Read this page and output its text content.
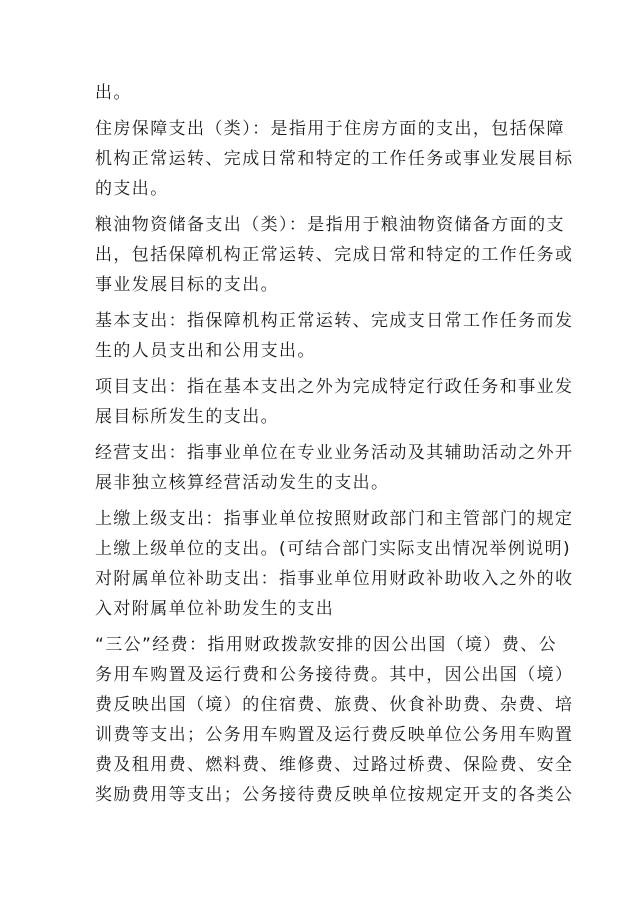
出。
住房保障支出（类）：是指用于住房方面的支出，包括保障
机构正常运转、完成日常和特定的工作任务或事业发展目标
的支出。
粮油物资储备支出（类）：是指用于粮油物资储备方面的支
出，包括保障机构正常运转、完成日常和特定的工作任务或
事业发展目标的支出。
基本支出：指保障机构正常运转、完成支日常工作任务而发
生的人员支出和公用支出。
项目支出：指在基本支出之外为完成特定行政任务和事业发
展目标所发生的支出。
经营支出：指事业单位在专业业务活动及其辅助活动之外开
展非独立核算经营活动发生的支出。
上缴上级支出：指事业单位按照财政部门和主管部门的规定
上缴上级单位的支出。(可结合部门实际支出情况举例说明)
对附属单位补助支出：指事业单位用财政补助收入之外的收
入对附属单位补助发生的支出
“三公”经费：指用财政拨款安排的因公出国（境）费、公
务用车购置及运行费和公务接待费。其中，因公出国（境）
费反映出国（境）的住宿费、旅费、伙食补助费、杂费、培
训费等支出；公务用车购置及运行费反映单位公务用车购置
费及租用费、燃料费、维修费、过路过桥费、保险费、安全
奖励费用等支出；公务接待费反映单位按规定开支的各类公
